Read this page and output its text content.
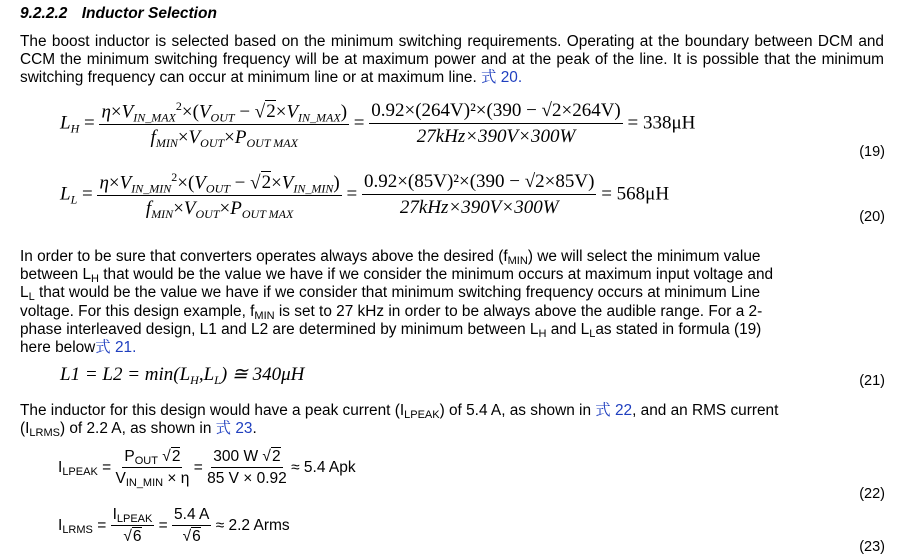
9.2.2.2 Inductor Selection
The boost inductor is selected based on the minimum switching requirements. Operating at the boundary between DCM and CCM the minimum switching frequency will be at maximum power and at the peak of the line. It is possible that the minimum switching frequency can occur at minimum line or at maximum line. 式 20.
$L_H = \frac{\eta\times V_{IN\_MAX}^2\times(V_{OUT} - √2\times V_{IN\_MAX})}{f_{MIN}\times V_{OUT}\times P_{OUT MAX}} = \frac{\text{0.92×(264V)²×(390 − √2×264V)}}{\text{27kHz×390V×300W}} = 338\mu H$
(19)
$L_L = \frac{\eta\times V_{IN\_MIN}^2\times(V_{OUT} - √2\times V_{IN\_MIN})}{f_{MIN}\times V_{OUT}\times P_{OUT MAX}} = \frac{\text{0.92×(85V)²×(390 − √2×85V)}}{\text{27kHz×390V×300W}} = 568\mu H$
(20)
In order to be sure that converters operates always above the desired $(f_{MIN})$ we will select the minimum value
between $L_H$ that would be the value we have if we consider the minimum occurs at maximum input voltage and
$L_L$ that would be the value we have if we consider that minimum switching frequency occurs at minimum Line
voltage. For this design example, $f_{MIN}$ is set to 27 kHz in order to be always above the audible range. For a 2-
phase interleaved design, L1 and L2 are determined by minimum between $L_H$ and $L_Las$ stated in formula (19)
here below式 21.
$L1 = L2 = \min(L_H,L_L)$ ≅ 340μH	(21)
The inductor for this design would have a peak current $(I_{LPEAK})$ of 5.4 A, as shown in 式 22, and an RMS current
$(I_{LRMS})$ of 2.2 A, as shown in 式 23.
$I_{LPEAK} = \frac{P_{OUT} √2}{V_{IN\_MIN} \times \eta} = \frac{300 W √2}{85 V \times 0.92} \approx 5.4$ Apk
(22)
$I_{LRMS} = \frac{I_{LPEAK}}{√6} = \frac{5.4 A}{√6} \approx 2.2$ Arms
(23)
